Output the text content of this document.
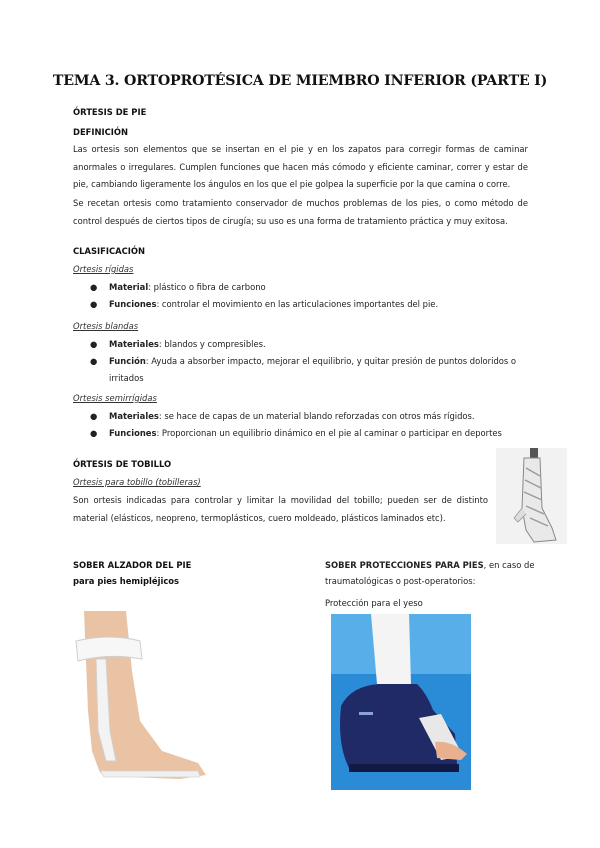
TEMA 3. ORTOPROTÉSICA DE MIEMBRO INFERIOR (PARTE I)
ÓRTESIS DE PIE
DEFINICIÓN
Las ortesis son elementos que se insertan en el pie y en los zapatos para corregir formas de caminar anormales o irregulares. Cumplen funciones que hacen más cómodo y eficiente caminar, correr y estar de pie, cambiando ligeramente los ángulos en los que el pie golpea la superficie por la que camina o corre.
Se recetan ortesis como tratamiento conservador de muchos problemas de los pies, o como método de control después de ciertos tipos de cirugía; su uso es una forma de tratamiento práctica y muy exitosa.
CLASIFICACIÓN
Ortesis rígidas
● Material: plástico o fibra de carbono
● Funciones: controlar el movimiento en las articulaciones importantes del pie.
Ortesis blandas
● Materiales: blandos y compresibles.
● Función: Ayuda a absorber impacto, mejorar el equilibrio, y quitar presión de puntos doloridos o irritados
Ortesis semirrígidas
● Materiales: se hace de capas de un material blando reforzadas con otros más rígidos.
● Funciones: Proporcionan un equilibrio dinámico en el pie al caminar o participar en deportes
ÓRTESIS DE TOBILLO
Ortesis para tobillo (tobilleras)
Son ortesis indicadas para controlar y limitar la movilidad del tobillo; pueden ser de distinto material (elásticos, neopreno, termoplásticos, cuero moldeado, plásticos laminados etc).
SOBER ALZADOR DEL PIE
para pies hemipléjicos
SOBER PROTECCIONES PARA PIES, en caso de
traumatológicas o post-operatorios:
Protección para el yeso
